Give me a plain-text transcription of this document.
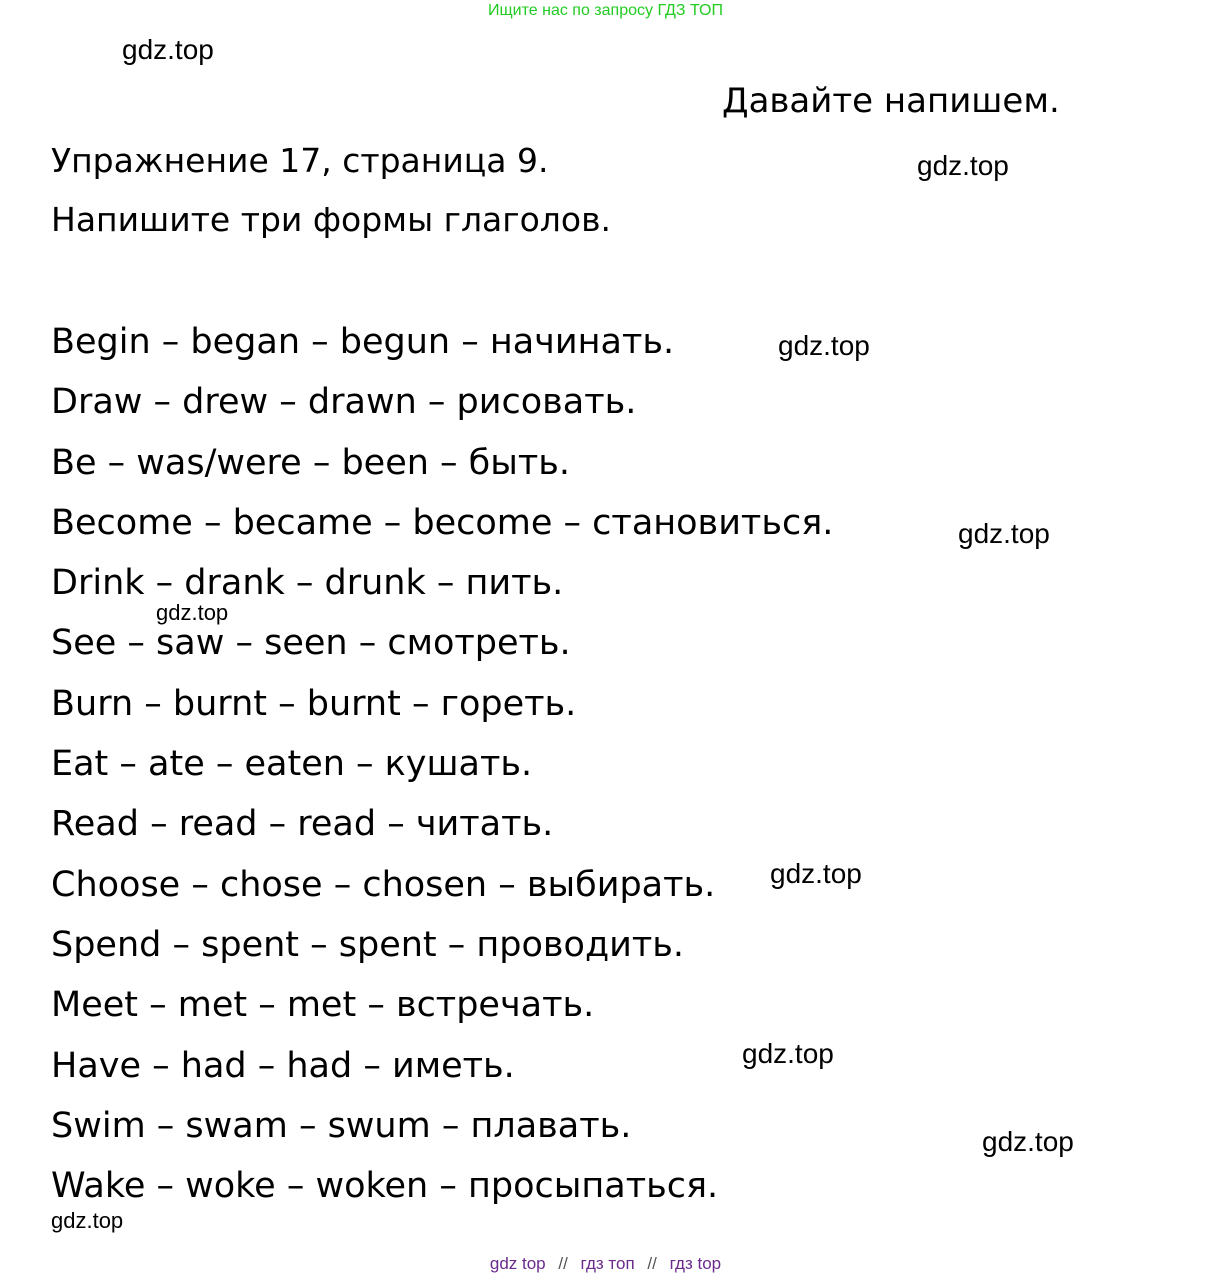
Ищите нас по запросу ГДЗ ТОП
gdz.top
Давайте напишем.
Упражнение 17, страница 9.	gdz.top
Напишите три формы глаголов.
Begin – began – begun – начинать.
Draw – drew – drawn – рисовать.
Be – was/were – been – быть.
Become – became – become – становиться.
Drink – drank – drunk – пить.
See – saw – seen – смотреть.
Burn – burnt – burnt – гореть.
Eat – ate – eaten – кушать.
Read – read – read – читать.
Choose – chose – chosen – выбирать.
Spend – spent – spent – проводить.
Meet – met – met – встречать.
Have – had – had – иметь.
Swim – swam – swum – плавать.
Wake – woke – woken – просыпаться.
gdz.top
gdz.top
gdz.top
gdz.top
gdz.top
gdz.top
gdz.top
gdz top // гдз топ // гдз top
